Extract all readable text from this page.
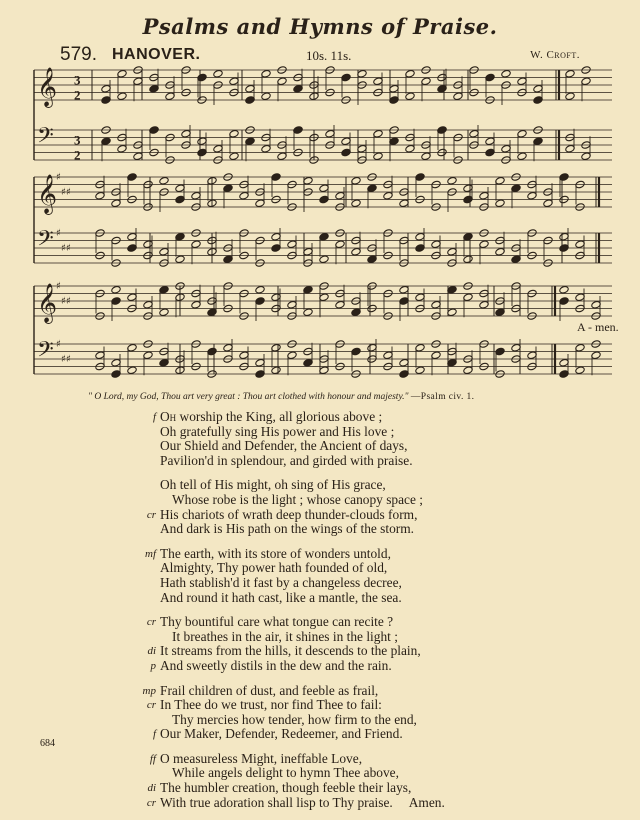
Psalms and Hymns of Praise.
579. HANOVER.	10s. 11s.	W. Croft.
𝄞 3
2
𝄢 3
2
𝄞
♯
♯ ♯
𝄢 ♯
♯ ♯
𝄞
♯
♯ ♯
𝄢 ♯
♯ ♯
A - men.
" O Lord, my God, Thou art very great : Thou art clothed with honour and majesty." —Psalm civ. 1.
f Oh worship the King, all glorious above ;
Oh gratefully sing His power and His love ;
Our Shield and Defender, the Ancient of days,
Pavilion'd in splendour, and girded with praise.
Oh tell of His might, oh sing of His grace,
Whose robe is the light ; whose canopy space ;
cr His chariots of wrath deep thunder-clouds form,
And dark is His path on the wings of the storm.
mf The earth, with its store of wonders untold,
Almighty, Thy power hath founded of old,
Hath stablish'd it fast by a changeless decree,
And round it hath cast, like a mantle, the sea.
cr Thy bountiful care what tongue can recite ?
It breathes in the air, it shines in the light ;
di It streams from the hills, it descends to the plain,
p And sweetly distils in the dew and the rain.
mp Frail children of dust, and feeble as frail,
cr In Thee do we trust, nor find Thee to fail:
Thy mercies how tender, how firm to the end,
f Our Maker, Defender, Redeemer, and Friend.
ff O measureless Might, ineffable Love,
While angels delight to hymn Thee above,
di The humbler creation, though feeble their lays,
cr With true adoration shall lisp to Thy praise. Amen.
684
